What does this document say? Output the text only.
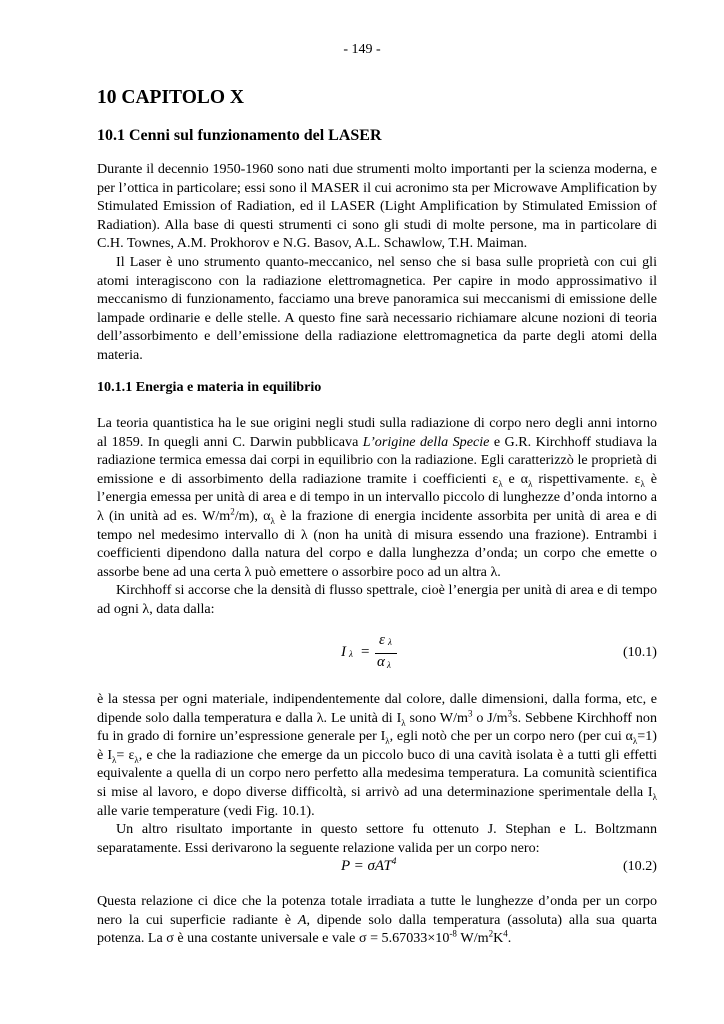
- 149 -
10 CAPITOLO X
10.1 Cenni sul funzionamento del LASER

Durante il decennio 1950-1960 sono nati due strumenti molto importanti per la scienza moderna, e per l’ottica in particolare; essi sono il MASER il cui acronimo sta per Microwave Amplification by Stimulated Emission of Radiation, ed il LASER (Light Amplification by Stimulated Emission of Radiation). Alla base di questi strumenti ci sono gli studi di molte persone, ma in particolare di C.H. Townes, A.M. Prokhorov e N.G. Basov, A.L. Schawlow, T.H. Maiman.

Il Laser è uno strumento quanto-meccanico, nel senso che si basa sulle proprietà con cui gli atomi interagiscono con la radiazione elettromagnetica. Per capire in modo approssimativo il meccanismo di funzionamento, facciamo una breve panoramica sui meccanismi di emissione delle lampade ordinarie e delle stelle. A questo fine sarà necessario richiamare alcune nozioni di teoria dell’assorbimento e dell’emissione della radiazione elettromagnetica da parte degli atomi della materia.

10.1.1 Energia e materia in equilibrio

La teoria quantistica ha le sue origini negli studi sulla radiazione di corpo nero degli anni intorno al 1859. In quegli anni C. Darwin pubblicava L’origine della Specie e G.R. Kirchhoff studiava la radiazione termica emessa dai corpi in equilibrio con la radiazione. Egli caratterizzò le proprietà di emissione e di assorbimento della radiazione tramite i coefficienti $\varepsilon_\lambda$ e $\alpha_\lambda$ rispettivamente. $\varepsilon_\lambda$ è l’energia emessa per unità di area e di tempo in un intervallo piccolo di lunghezze d’onda intorno a λ (in unità ad es. $W/m^2/m$), $\alpha_\lambda$ è la frazione di energia incidente assorbita per unità di area e di tempo nel medesimo intervallo di λ (non ha unità di misura essendo una frazione). Entrambi i coefficienti dipendono dalla natura del corpo e dalla lunghezza d’onda; un corpo che emette o assorbe bene ad una certa λ può emettere o assorbire poco ad un altra λ.

Kirchhoff si accorse che la densità di flusso spettrale, cioè l’energia per unità di area e di tempo ad ogni λ, data dalla:

I λ =
ε λ
α λ
(10.1)

è la stessa per ogni materiale, indipendentemente dal colore, dalle dimensioni, dalla forma, etc, e dipende solo dalla temperatura e dalla λ. Le unità di $I_\lambda$ sono $W/m^3$ o $J/m^3s$. Sebbene Kirchhoff non fu in grado di fornire un’espressione generale per $I_\lambda$, egli notò che per un corpo nero (per cui $\alpha_\lambda=1$) è $I_\lambda= \varepsilon_\lambda$, e che la radiazione che emerge da un piccolo buco di una cavità isolata è a tutti gli effetti equivalente a quella di un corpo nero perfetto alla medesima temperatura. La comunità scientifica si mise al lavoro, e dopo diverse difficoltà, si arrivò ad una determinazione sperimentale della $I_\lambda$ alle varie temperature (vedi Fig. 10.1).

Un altro risultato importante in questo settore fu ottenuto J. Stephan e L. Boltzmann separatamente. Essi derivarono la seguente relazione valida per un corpo nero:

P = σAT$^4$	(10.2)

Questa relazione ci dice che la potenza totale irradiata a tutte le lunghezze d’onda per un corpo nero la cui superficie radiante è A, dipende solo dalla temperatura (assoluta) alla sua quarta potenza. La σ è una costante universale e vale $\sigma = 5.67033\times 10^{-8}$ $W/m^2K^4$.
